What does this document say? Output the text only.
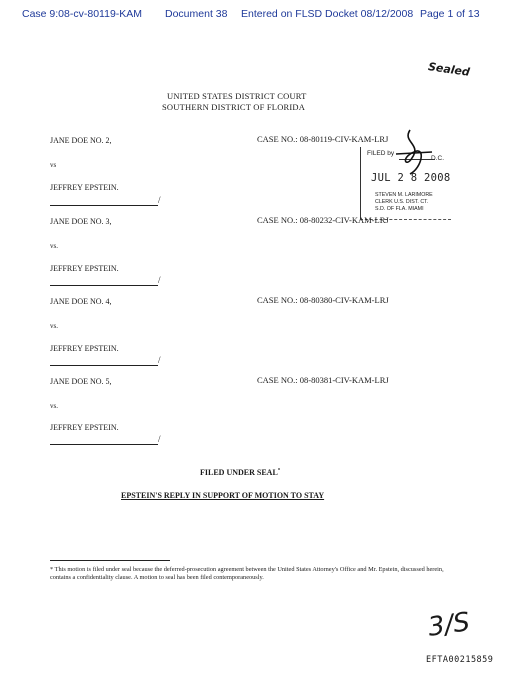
Case 9:08-cv-80119-KAM Document 38 Entered on FLSD Docket 08/12/2008 Page 1 of 13
Sealed
UNITED STATES DISTRICT COURT
SOUTHERN DISTRICT OF FLORIDA
JANE DOE NO. 2,	CASE NO.: 08-80119-CIV-KAM-LRJ
vs
JEFFREY EPSTEIN.
/
FILED by
D.C.
JUL 2 8 2008
STEVEN M. LARIMORE
CLERK U.S. DIST. CT.
S.D. OF FLA. MIAMI
JANE DOE NO. 3,	CASE NO.: 08-80232-CIV-KAM-LRJ
vs.
JEFFREY EPSTEIN.
/
JANE DOE NO. 4,	CASE NO.: 08-80380-CIV-KAM-LRJ
vs.
JEFFREY EPSTEIN.
/
JANE DOE NO. 5,	CASE NO.: 08-80381-CIV-KAM-LRJ
vs.
JEFFREY EPSTEIN.
/
FILED UNDER SEAL*
EPSTEIN'S REPLY IN SUPPORT OF MOTION TO STAY
* This motion is filed under seal because the deferred-prosecution agreement between the United States Attorney's Office and Mr. Epstein, discussed herein, contains a confidentiality clause. A motion to seal has been filed contemporaneously.
3/S
EFTA00215859
